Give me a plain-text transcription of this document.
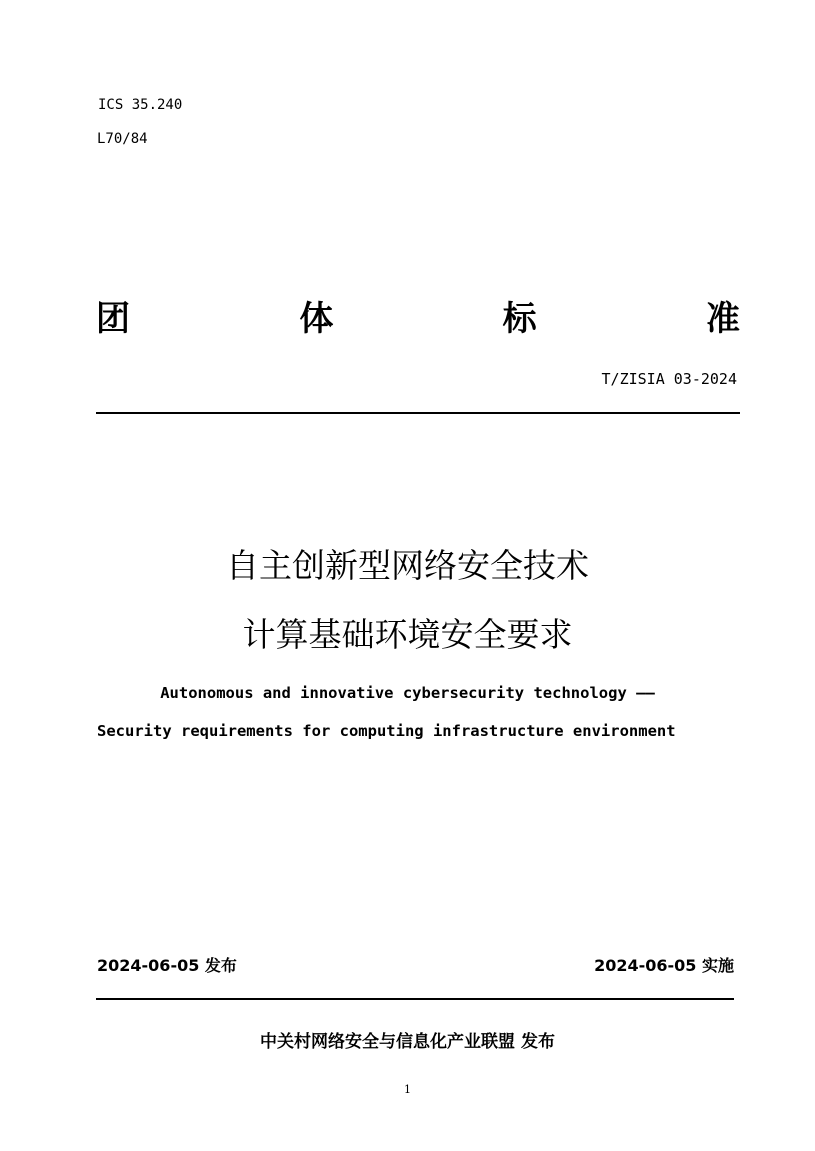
ICS 35.240
L70/84
团	体	标	准
T/ZISIA 03-2024
自主创新型网络安全技术
计算基础环境安全要求
Autonomous and innovative cybersecurity technology ——
Security requirements for computing infrastructure environment
2024-06-05 发布	2024-06-05 实施
中关村网络安全与信息化产业联盟 发布
1
